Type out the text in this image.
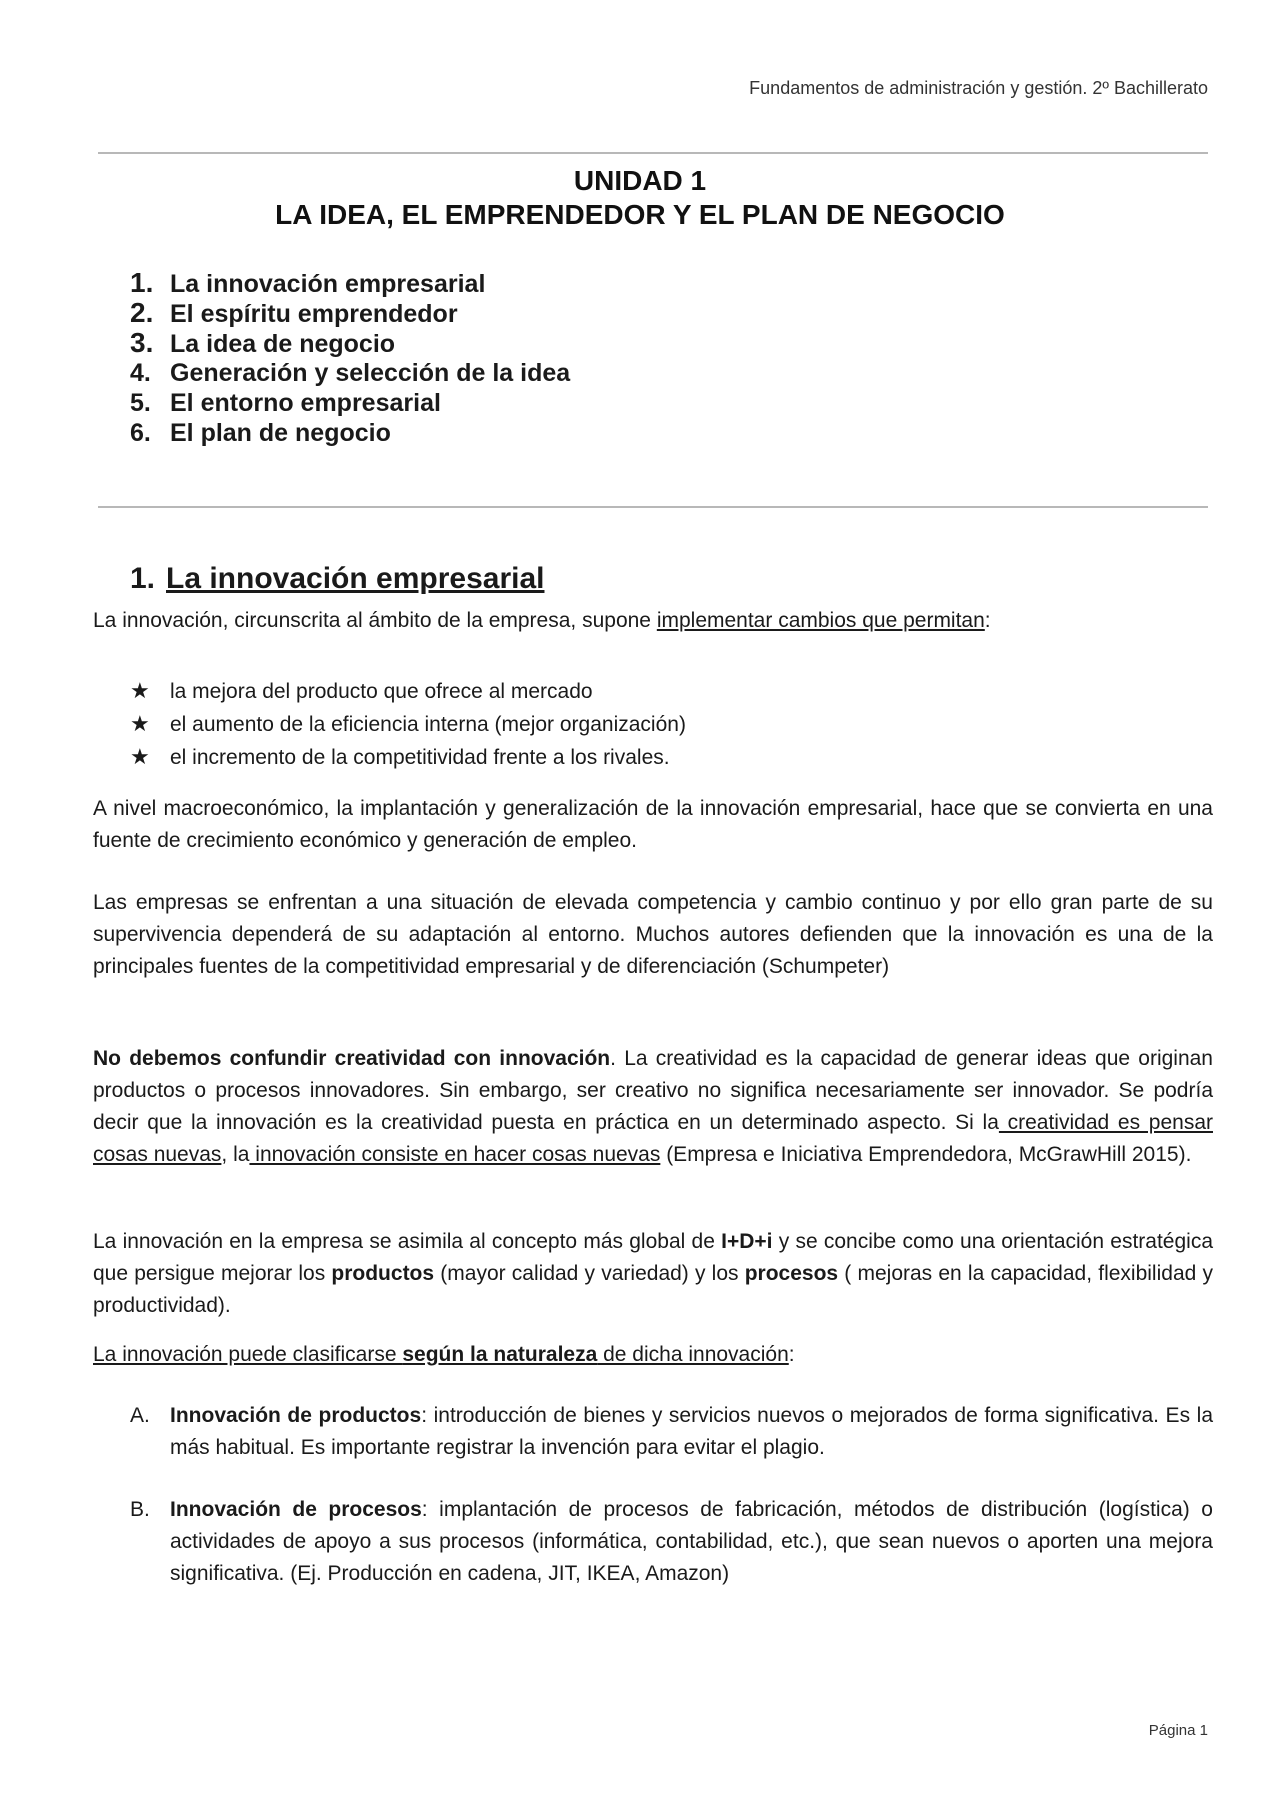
Fundamentos de administración y gestión. 2º Bachillerato
UNIDAD 1
LA IDEA, EL EMPRENDEDOR Y EL PLAN DE NEGOCIO
1. La innovación empresarial
2. El espíritu emprendedor
3. La idea de negocio
4. Generación y selección de la idea
5. El entorno empresarial
6. El plan de negocio
1. La innovación empresarial
La innovación, circunscrita al ámbito de la empresa, supone implementar cambios que permitan:
★ la mejora del producto que ofrece al mercado
★ el aumento de la eficiencia interna (mejor organización)
★ el incremento de la competitividad frente a los rivales.
A nivel macroeconómico, la implantación y generalización de la innovación empresarial, hace que se convierta en una fuente de crecimiento económico y generación de empleo.
Las empresas se enfrentan a una situación de elevada competencia y cambio continuo y por ello gran parte de su supervivencia dependerá de su adaptación al entorno. Muchos autores defienden que la innovación es una de la principales fuentes de la competitividad empresarial y de diferenciación (Schumpeter)
No debemos confundir creatividad con innovación. La creatividad es la capacidad de generar ideas que originan productos o procesos innovadores. Sin embargo, ser creativo no significa necesariamente ser innovador. Se podría decir que la innovación es la creatividad puesta en práctica en un determinado aspecto. Si la creatividad es pensar cosas nuevas, la innovación consiste en hacer cosas nuevas (Empresa e Iniciativa Emprendedora, McGrawHill 2015).
La innovación en la empresa se asimila al concepto más global de I+D+i y se concibe como una orientación estratégica que persigue mejorar los productos (mayor calidad y variedad) y los procesos ( mejoras en la capacidad, flexibilidad y productividad).
La innovación puede clasificarse según la naturaleza de dicha innovación:
A. Innovación de productos: introducción de bienes y servicios nuevos o mejorados de forma significativa. Es la más habitual. Es importante registrar la invención para evitar el plagio.
B. Innovación de procesos: implantación de procesos de fabricación, métodos de distribución (logística) o actividades de apoyo a sus procesos (informática, contabilidad, etc.), que sean nuevos o aporten una mejora significativa. (Ej. Producción en cadena, JIT, IKEA, Amazon)
Página 1
